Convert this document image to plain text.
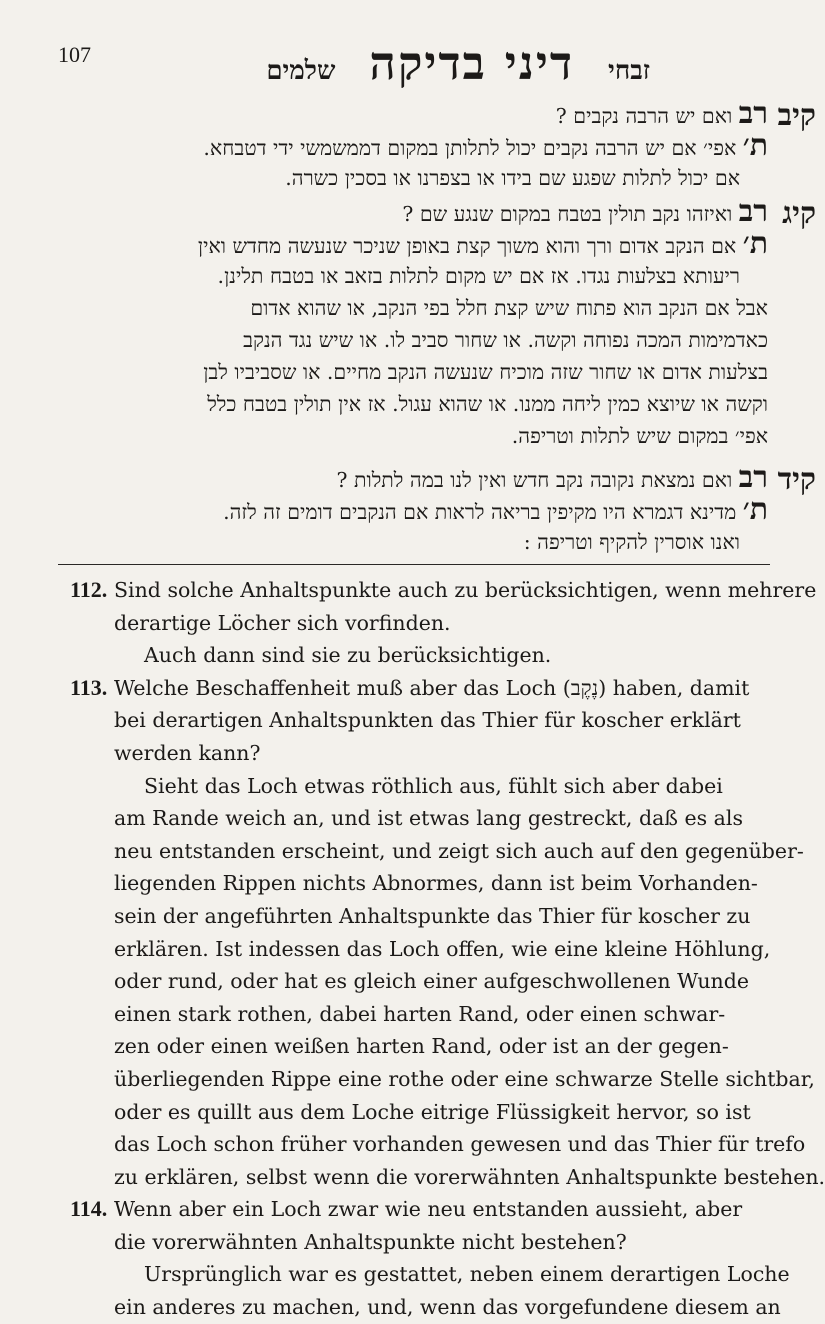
107
זבחי
דיני בדיקה
שלמים
קיב
רב ואם יש הרבה נקבים ?
ת׳ אפי׳ אם יש הרבה נקבים יכול לתלותן במקום דממשמשי ידי דטבחא.
אם יכול לתלות שפגע שם בידו או בצפרנו או בסכין כשרה.
קיג
רב ואיזהו נקב תולין בטבח במקום שנגע שם ?
ת׳ אם הנקב אדום ורך והוא משוך קצת באופן שניכר שנעשה מחדש ואין
ריעותא בצלעות נגדו. אז אם יש מקום לתלות בזאב או בטבח תלינן.
אבל אם הנקב הוא פתוח שיש קצת חלל בפי הנקב, או שהוא אדום
כאדמימות המכה נפוחה וקשה. או שחור סביב לו. או שיש נגד הנקב
בצלעות אדום או שחור שזה מוכיח שנעשה הנקב מחיים. או שסביביו לבן
וקשה או שיוצא כמין ליחה ממנו. או שהוא עגול. אז אין תולין בטבח כלל
אפי׳ במקום שיש לתלות וטריפה.
קיד
רב ואם נמצאת נקובה נקב חדש ואין לנו במה לתלות ?
ת׳ מדינא דגמרא היו מקיפין בריאה לראות אם הנקבים דומים זה לזה.
ואנו אוסרין להקיף וטריפה :
112. Sind solche Anhaltspunkte auch zu berücksichtigen, wenn mehrere
derartige Löcher sich vorfinden.
Auch dann sind sie zu berücksichtigen.
113. Welche Beschaffenheit muß aber das Loch (נֶקֶב) haben, damit
bei derartigen Anhaltspunkten das Thier für koscher erklärt
werden kann?
Sieht das Loch etwas röthlich aus, fühlt sich aber dabei
am Rande weich an, und ist etwas lang gestreckt, daß es als
neu entstanden erscheint, und zeigt sich auch auf den gegenüber-
liegenden Rippen nichts Abnormes, dann ist beim Vorhanden-
sein der angeführten Anhaltspunkte das Thier für koscher zu
erklären. Ist indessen das Loch offen, wie eine kleine Höhlung,
oder rund, oder hat es gleich einer aufgeschwollenen Wunde
einen stark rothen, dabei harten Rand, oder einen schwar-
zen oder einen weißen harten Rand, oder ist an der gegen-
überliegenden Rippe eine rothe oder eine schwarze Stelle sichtbar,
oder es quillt aus dem Loche eitrige Flüssigkeit hervor, so ist
das Loch schon früher vorhanden gewesen und das Thier für trefo
zu erklären, selbst wenn die vorerwähnten Anhaltspunkte bestehen.
114. Wenn aber ein Loch zwar wie neu entstanden aussieht, aber
die vorerwähnten Anhaltspunkte nicht bestehen?
Ursprünglich war es gestattet, neben einem derartigen Loche
ein anderes zu machen, und, wenn das vorgefundene diesem an
